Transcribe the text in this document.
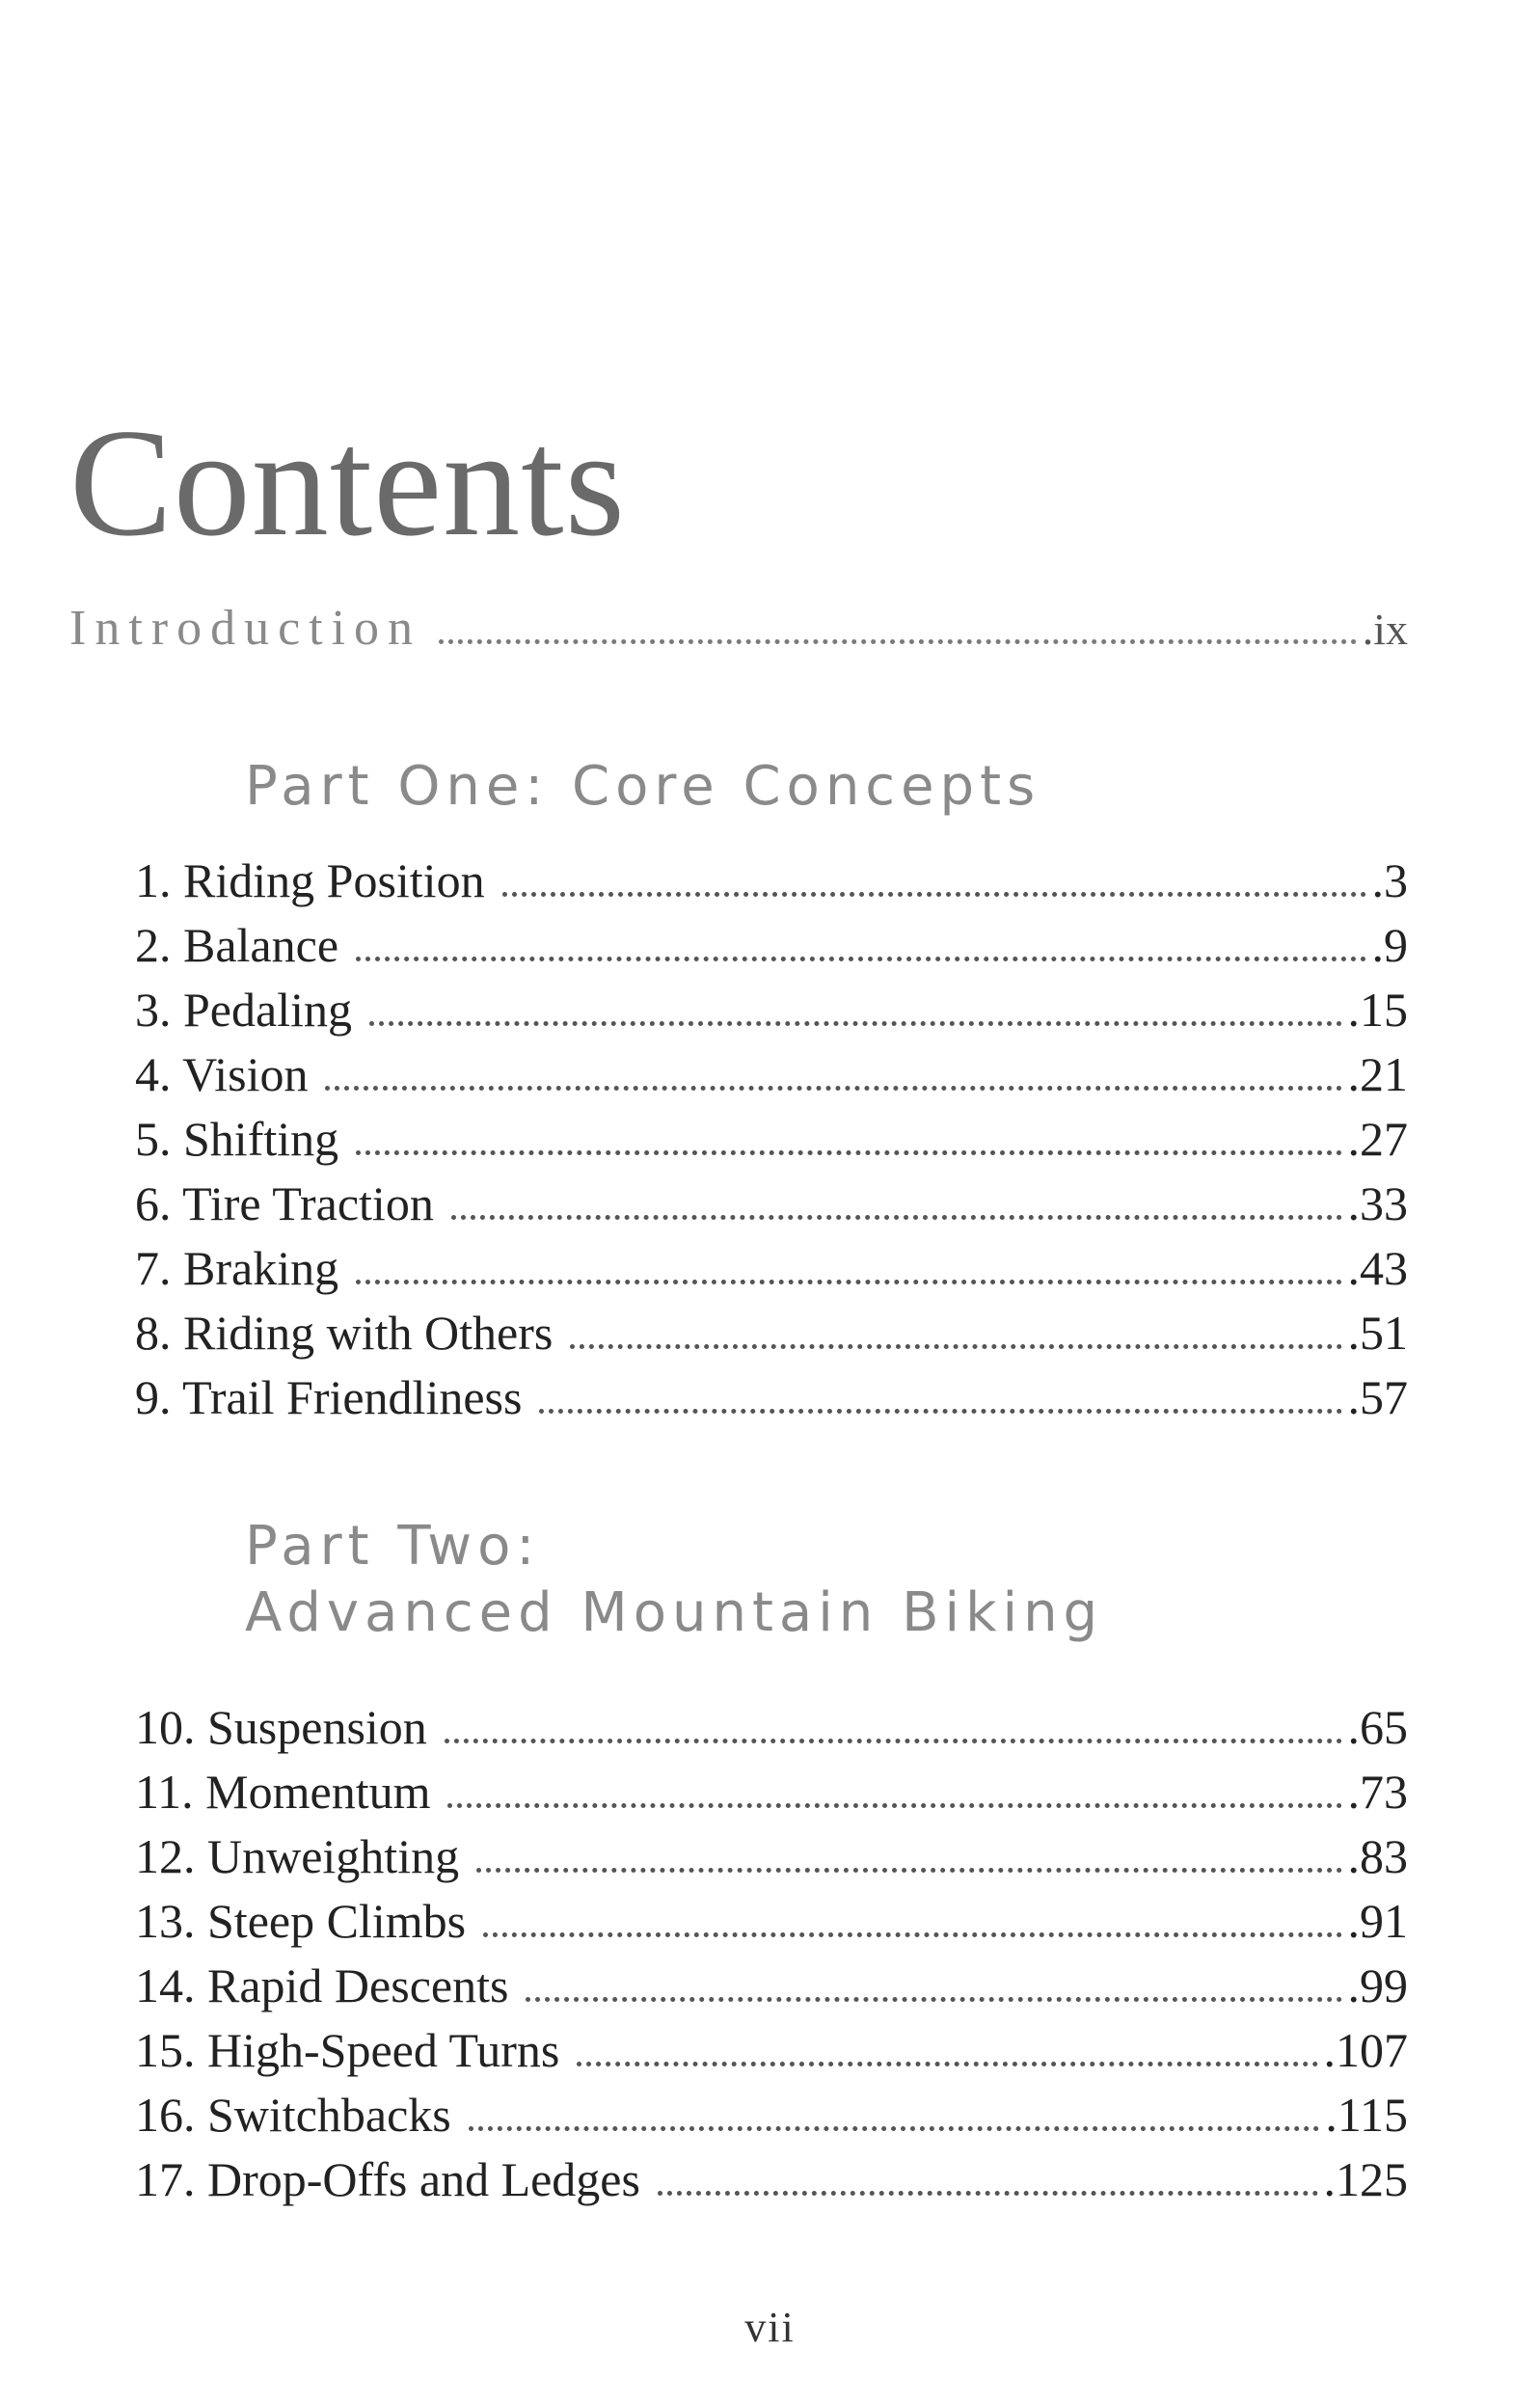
Contents
Introduction	.ix
Part One: Core Concepts
1. Riding Position	.3
2. Balance	.9
3. Pedaling	.15
4. Vision	.21
5. Shifting	.27
6. Tire Traction	.33
7. Braking	.43
8. Riding with Others	.51
9. Trail Friendliness	.57
Part Two:
Advanced Mountain Biking
10. Suspension	.65
11. Momentum	.73
12. Unweighting	.83
13. Steep Climbs	.91
14. Rapid Descents	.99
15. High-Speed Turns	.107
16. Switchbacks	.115
17. Drop-Offs and Ledges	.125
vii
